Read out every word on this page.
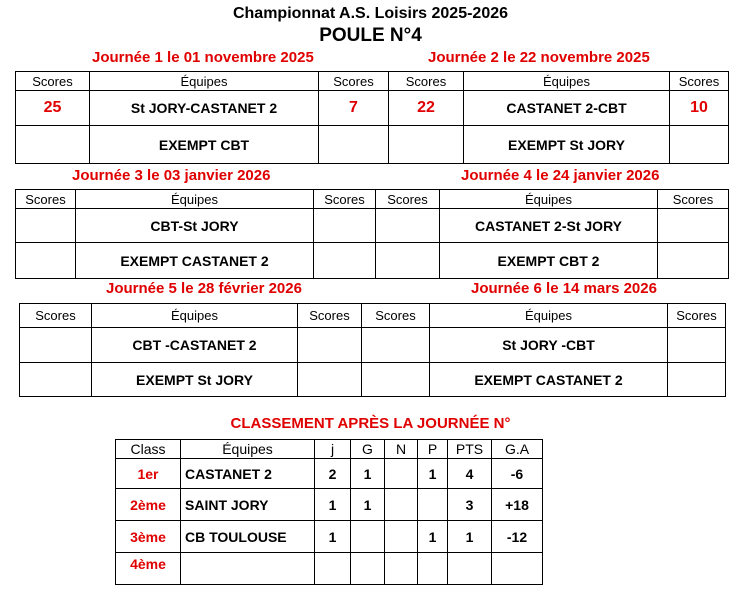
Championnat A.S. Loisirs 2025-2026
POULE N°4
Journée 1 le 01 novembre 2025	Journée 2 le 22 novembre 2025
Journée 3 le 03 janvier 2026	Journée 4 le 24 janvier 2026
Journée 5 le 28 février 2026	Journée 6 le 14 mars 2026
Scores	Équipes	Scores	Scores	Équipes	Scores
25	St JORY-CASTANET 2	7	22	CASTANET 2-CBT	10
	EXEMPT CBT			EXEMPT St JORY	
Scores	Équipes	Scores	Scores	Équipes	Scores
	CBT-St JORY			CASTANET 2-St JORY	
	EXEMPT CASTANET 2			EXEMPT CBT 2	
Scores	Équipes	Scores	Scores	Équipes	Scores
	CBT -CASTANET 2			St JORY -CBT	
	EXEMPT St JORY			EXEMPT CASTANET 2	
CLASSEMENT APRÈS LA JOURNÉE N°
Class	Équipes	j	G	N	P	PTS	G.A
1er	CASTANET 2	2	1		1	4	-6
2ème	SAINT JORY	1	1			3	+18
3ème	CB TOULOUSE	1			1	1	-12
4ème							
